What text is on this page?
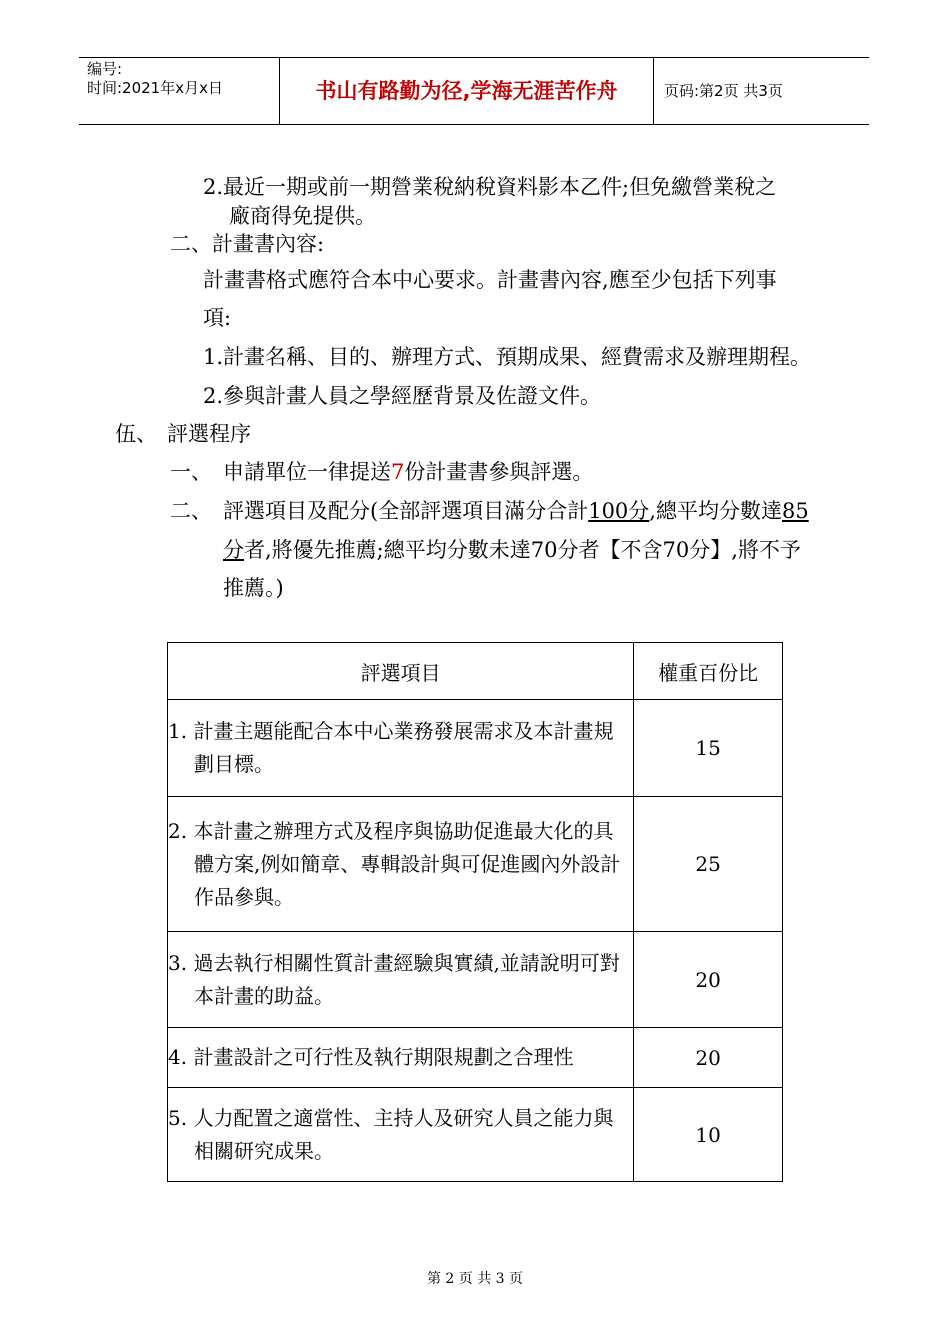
编号:
时间:2021年x月x日	书山有路勤为径,学海无涯苦作舟	页码:第2页 共3页
2.最近一期或前一期營業稅納稅資料影本乙件;但免繳營業稅之
廠商得免提供。
二、計畫書內容:
計畫書格式應符合本中心要求。計畫書內容,應至少包括下列事
項:
1.計畫名稱、目的、辦理方式、預期成果、經費需求及辦理期程。
2.參與計畫人員之學經歷背景及佐證文件。
伍、 評選程序
一、 申請單位一律提送7份計畫書參與評選。
二、 評選項目及配分(全部評選項目滿分合計100分,總平均分數達85
分者,將優先推薦;總平均分數未達70分者【不含70分】,將不予
推薦。)
評選項目	權重百份比

1. 計畫主題能配合本中心業務發展需求及本計畫規劃目標。	15

2. 本計畫之辦理方式及程序與協助促進最大化的具體方案,例如簡章、專輯設計與可促進國內外設計作品參與。	25

3. 過去執行相關性質計畫經驗與實績,並請說明可對本計畫的助益。	20

4. 計畫設計之可行性及執行期限規劃之合理性	20

5. 人力配置之適當性、主持人及研究人員之能力與相關研究成果。	10
第 2 页 共 3 页
